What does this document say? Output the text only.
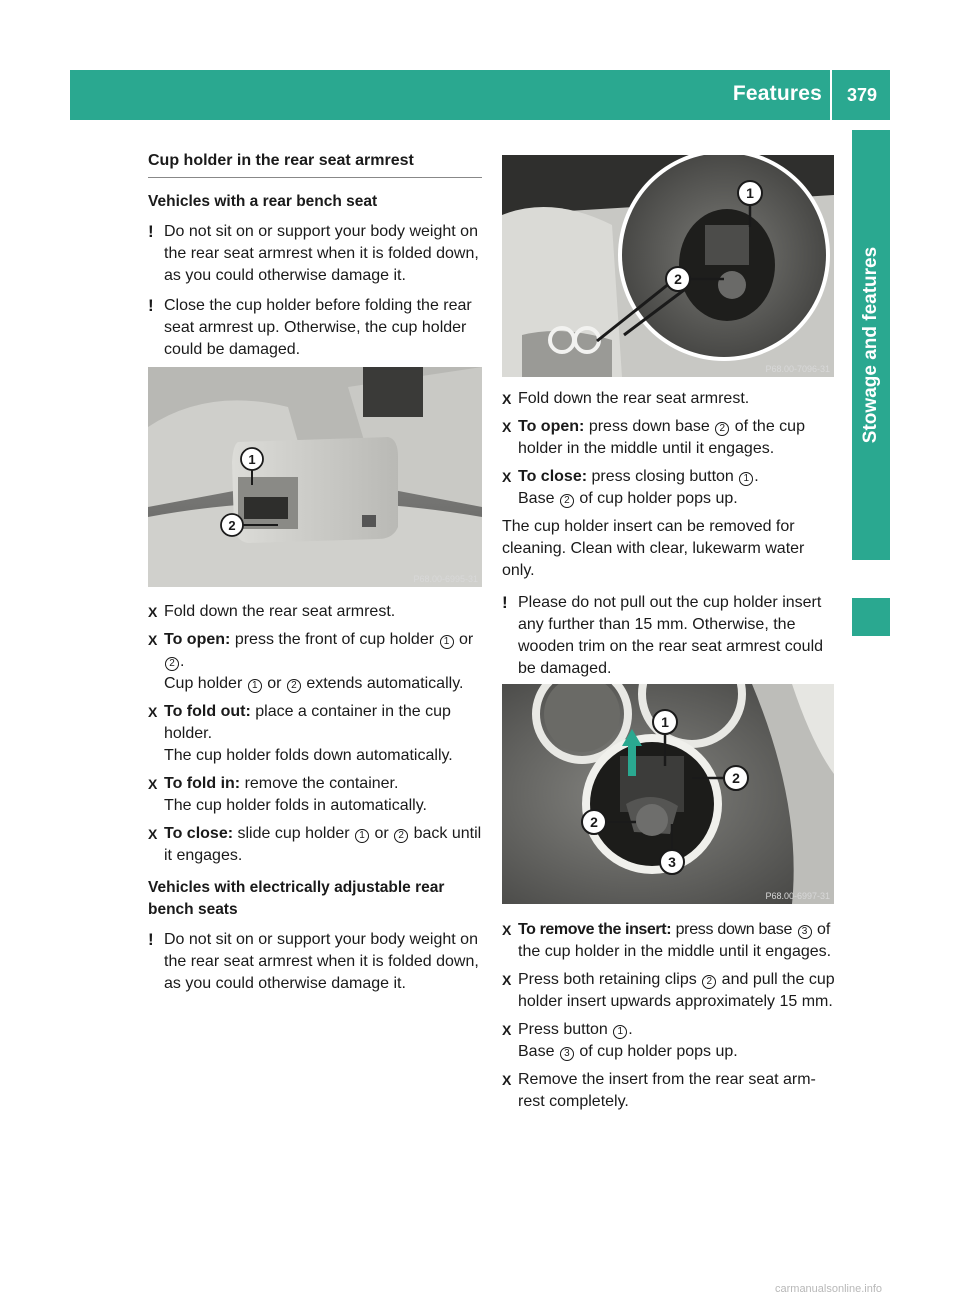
Features	379
Stowage and features
Cup holder in the rear seat armrest
Vehicles with a rear bench seat
! Do not sit on or support your body weight on the rear seat armrest when it is folded down, as you could otherwise damage it.
! Close the cup holder before folding the rear seat armrest up. Otherwise, the cup holder could be damaged.
1
2
P68.00-6995-31
X Fold down the rear seat armrest.
X To open: press the front of cup holder 1 or 2 .
Cup holder 1 or 2 extends automatically.
X To fold out: place a container in the cup holder.
The cup holder folds down automatically.
X To fold in: remove the container.
The cup holder folds in automatically.
X To close: slide cup holder 1 or 2 back until it engages.
Vehicles with electrically adjustable rear bench seats
! Do not sit on or support your body weight on the rear seat armrest when it is folded down, as you could otherwise damage it.
1
2
P68.00-7096-31
X Fold down the rear seat armrest.
X To open: press down base 2 of the cup holder in the middle until it engages.
X To close: press closing button 1 .
Base 2 of cup holder pops up.
The cup holder insert can be removed for cleaning. Clean with clear, lukewarm water only.
! Please do not pull out the cup holder insert any further than 15 mm. Otherwise, the wooden trim on the rear seat armrest could be damaged.
1
2
2
3
P68.00-6997-31
X To remove the insert: press down base 3 of the cup holder in the middle until it engages.
X Press both retaining clips 2 and pull the cup holder insert upwards approximately 15 mm.
X Press button 1 .
Base 3 of cup holder pops up.
X Remove the insert from the rear seat arm-rest completely.
carmanualsonline.info
